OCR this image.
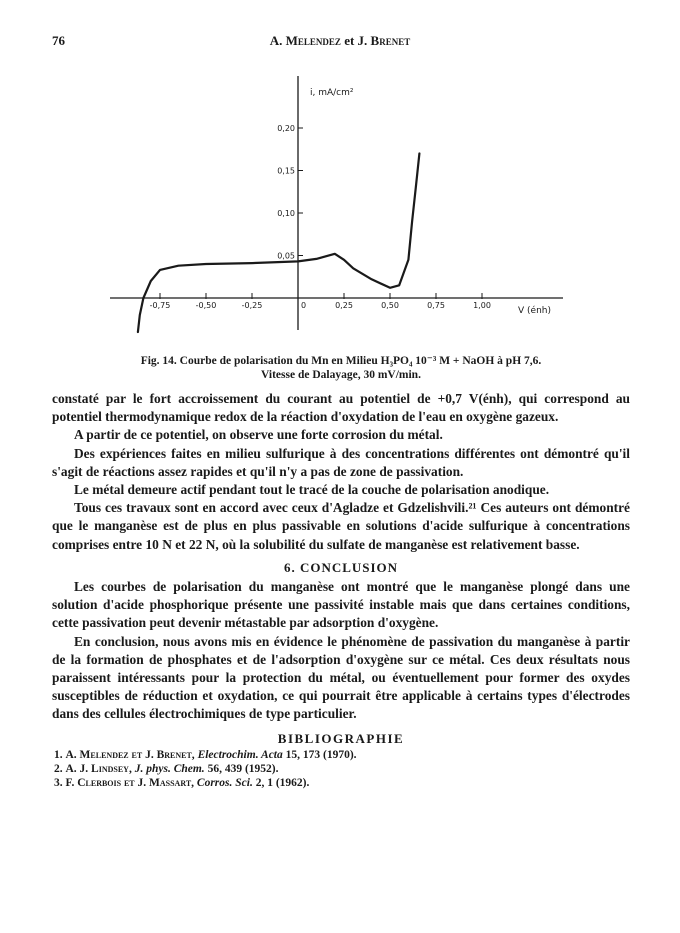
76	A. Melendez et J. Brenet
-0,75	-0,50	-0,25	0	0,25	0,50	0,75	1,00
0,05
0,10
0,15
0,20
i, mA/cm²
V (énh)
Fig. 14. Courbe de polarisation du Mn en Milieu H₃PO₄ 10⁻³ M + NaOH à pH 7,6.
Vitesse de Dalayage, 30 mV/min.

constaté par le fort accroissement du courant au potentiel de +0,7 V(énh), qui correspond au potentiel thermodynamique redox de la réaction d'oxydation de l'eau en oxygène gazeux.

A partir de ce potentiel, on observe une forte corrosion du métal.

Des expériences faites en milieu sulfurique à des concentrations différentes ont démontré qu'il s'agit de réactions assez rapides et qu'il n'y a pas de zone de passivation.

Le métal demeure actif pendant tout le tracé de la couche de polarisation anodique.

Tous ces travaux sont en accord avec ceux d'Agladze et Gdzelishvili.²¹ Ces auteurs ont démontré que le manganèse est de plus en plus passivable en solutions d'acide sulfurique à concentrations comprises entre 10 N et 22 N, où la solubilité du sulfate de manganèse est relativement basse.

6. CONCLUSION

Les courbes de polarisation du manganèse ont montré que le manganèse plongé dans une solution d'acide phosphorique présente une passivité instable mais que dans certaines conditions, cette passivation peut devenir métastable par adsorption d'oxygène.

En conclusion, nous avons mis en évidence le phénomène de passivation du manganèse à partir de la formation de phosphates et de l'adsorption d'oxygène sur ce métal. Ces deux résultats nous paraissent intéressants pour la protection du métal, ou éventuellement pour former des oxydes susceptibles de réduction et oxydation, ce qui pourrait être applicable à certains types d'électrodes dans des cellules électrochimiques de type particulier.

BIBLIOGRAPHIE

1. A. Melendez et J. Brenet, Electrochim. Acta 15, 173 (1970).
2. A. J. Lindsey, J. phys. Chem. 56, 439 (1952).
3. F. Clerbois et J. Massart, Corros. Sci. 2, 1 (1962).
